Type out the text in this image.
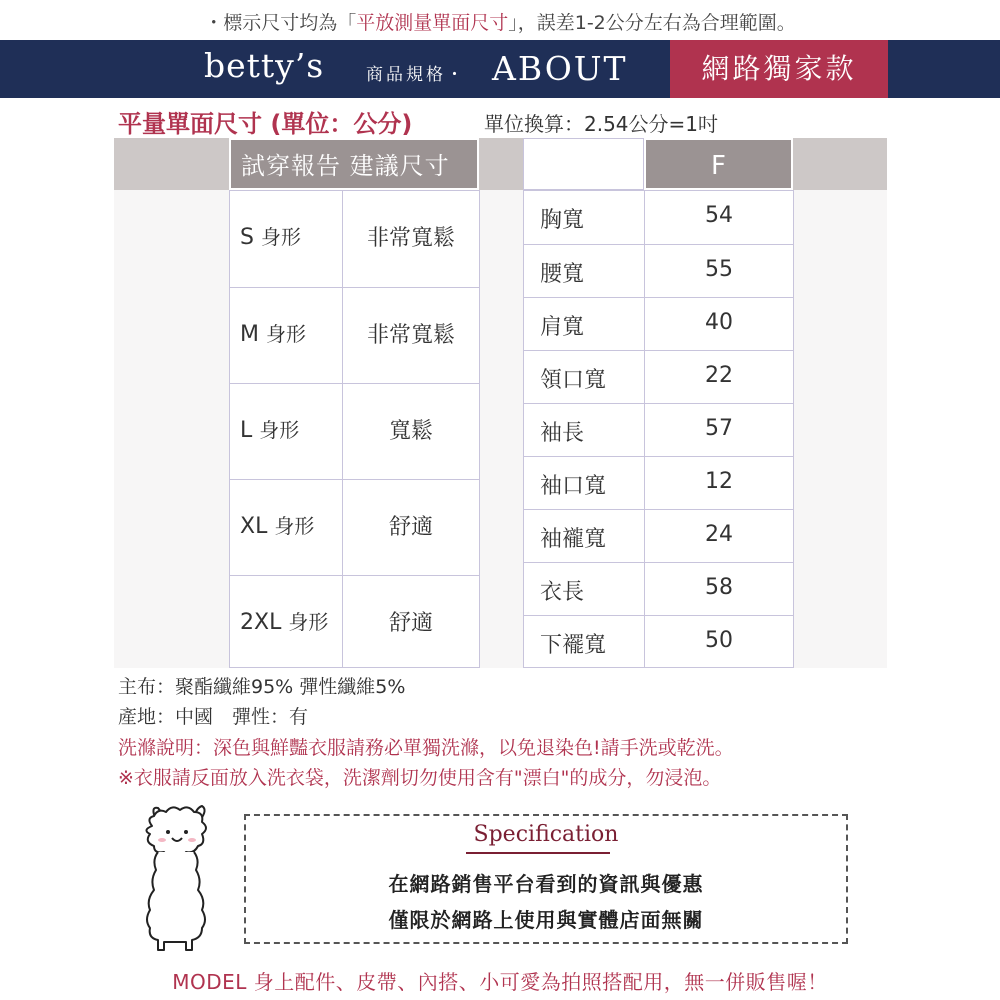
・標示尺寸均為「平放測量單面尺寸」，誤差1-2公分左右為合理範圍。
betty’s 商品規格・ ABOUT	網路獨家款
平量單面尺寸 (單位：公分)	單位換算：2.54公分=1吋
試穿報告 建議尺寸	F
S 身形	非常寬鬆
M 身形	非常寬鬆
L 身形	寬鬆
XL 身形	舒適
2XL 身形	舒適
胸寬	54
腰寬	55
肩寬	40
領口寬	22
袖長	57
袖口寬	12
袖襱寬	24
衣長	58
下襬寬	50
主布：聚酯纖維95% 彈性纖維5%
產地：中國　彈性：有
洗滌說明：深色與鮮豔衣服請務必單獨洗滌，以免退染色!請手洗或乾洗。
※衣服請反面放入洗衣袋，洗潔劑切勿使用含有"漂白"的成分，勿浸泡。
Specification
在網路銷售平台看到的資訊與優惠
僅限於網路上使用與實體店面無關
MODEL 身上配件、皮帶、內搭、小可愛為拍照搭配用，無一併販售喔！
